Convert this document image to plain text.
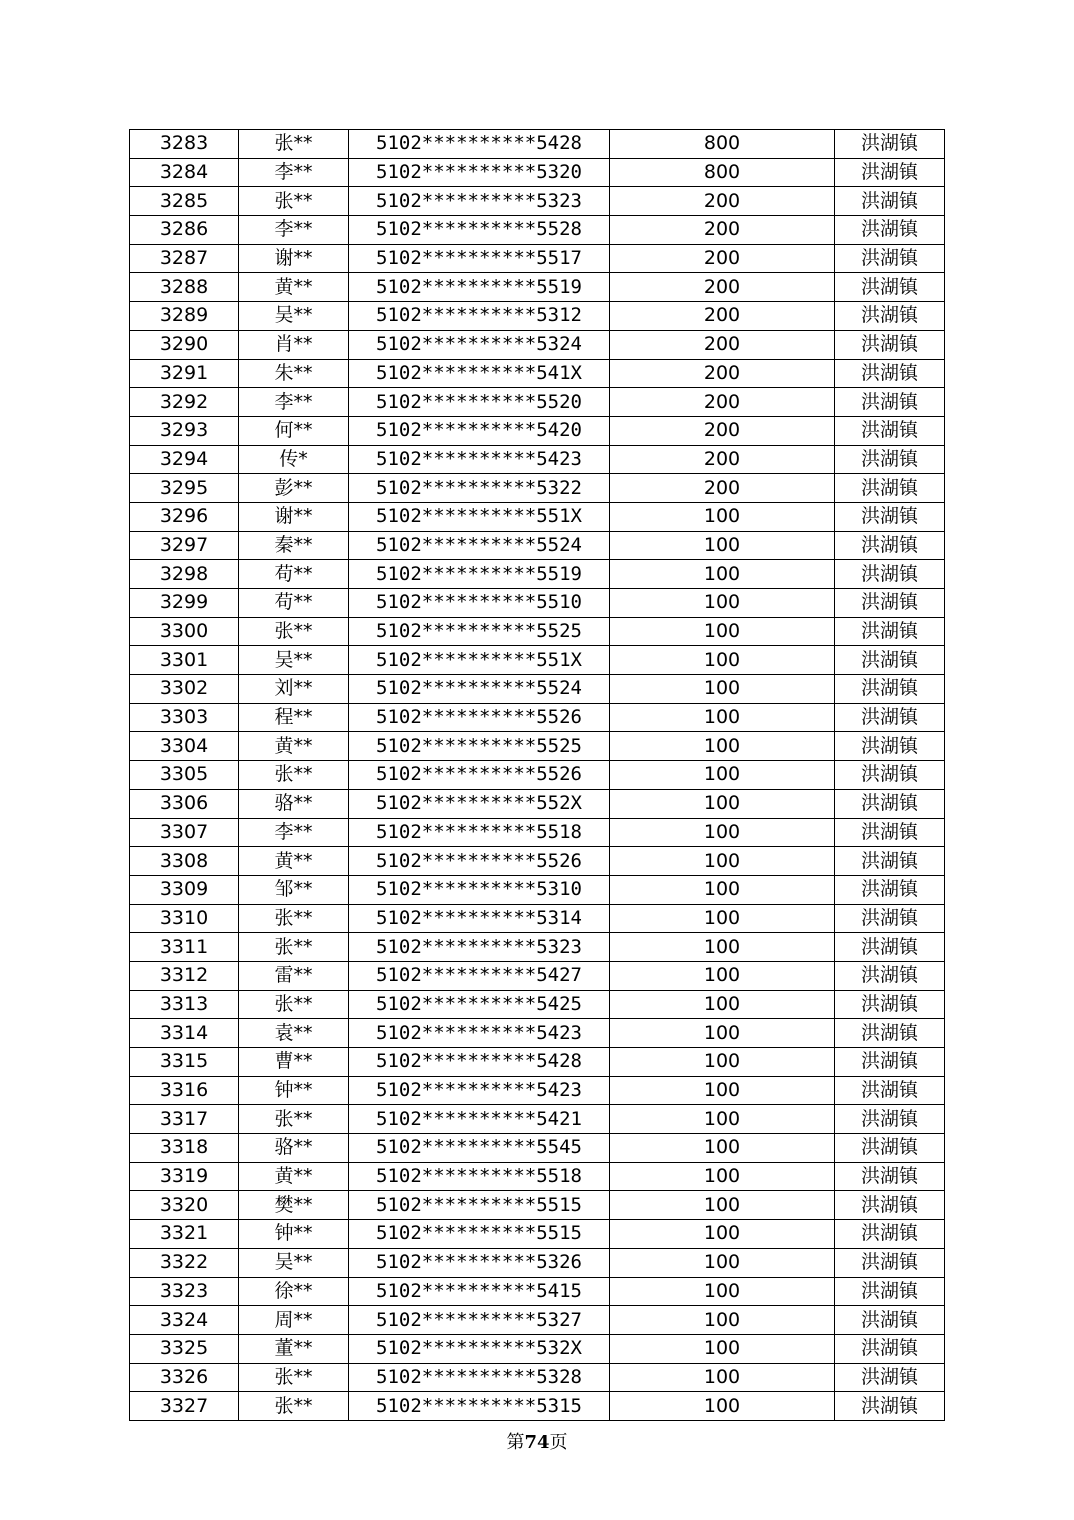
3283	张**	5102**********5428	800	洪湖镇
3284	李**	5102**********5320	800	洪湖镇
3285	张**	5102**********5323	200	洪湖镇
3286	李**	5102**********5528	200	洪湖镇
3287	谢**	5102**********5517	200	洪湖镇
3288	黄**	5102**********5519	200	洪湖镇
3289	吴**	5102**********5312	200	洪湖镇
3290	肖**	5102**********5324	200	洪湖镇
3291	朱**	5102**********541X	200	洪湖镇
3292	李**	5102**********5520	200	洪湖镇
3293	何**	5102**********5420	200	洪湖镇
3294	传*	5102**********5423	200	洪湖镇
3295	彭**	5102**********5322	200	洪湖镇
3296	谢**	5102**********551X	100	洪湖镇
3297	秦**	5102**********5524	100	洪湖镇
3298	苟**	5102**********5519	100	洪湖镇
3299	苟**	5102**********5510	100	洪湖镇
3300	张**	5102**********5525	100	洪湖镇
3301	吴**	5102**********551X	100	洪湖镇
3302	刘**	5102**********5524	100	洪湖镇
3303	程**	5102**********5526	100	洪湖镇
3304	黄**	5102**********5525	100	洪湖镇
3305	张**	5102**********5526	100	洪湖镇
3306	骆**	5102**********552X	100	洪湖镇
3307	李**	5102**********5518	100	洪湖镇
3308	黄**	5102**********5526	100	洪湖镇
3309	邹**	5102**********5310	100	洪湖镇
3310	张**	5102**********5314	100	洪湖镇
3311	张**	5102**********5323	100	洪湖镇
3312	雷**	5102**********5427	100	洪湖镇
3313	张**	5102**********5425	100	洪湖镇
3314	袁**	5102**********5423	100	洪湖镇
3315	曹**	5102**********5428	100	洪湖镇
3316	钟**	5102**********5423	100	洪湖镇
3317	张**	5102**********5421	100	洪湖镇
3318	骆**	5102**********5545	100	洪湖镇
3319	黄**	5102**********5518	100	洪湖镇
3320	樊**	5102**********5515	100	洪湖镇
3321	钟**	5102**********5515	100	洪湖镇
3322	吴**	5102**********5326	100	洪湖镇
3323	徐**	5102**********5415	100	洪湖镇
3324	周**	5102**********5327	100	洪湖镇
3325	董**	5102**********532X	100	洪湖镇
3326	张**	5102**********5328	100	洪湖镇
3327	张**	5102**********5315	100	洪湖镇
第74页
